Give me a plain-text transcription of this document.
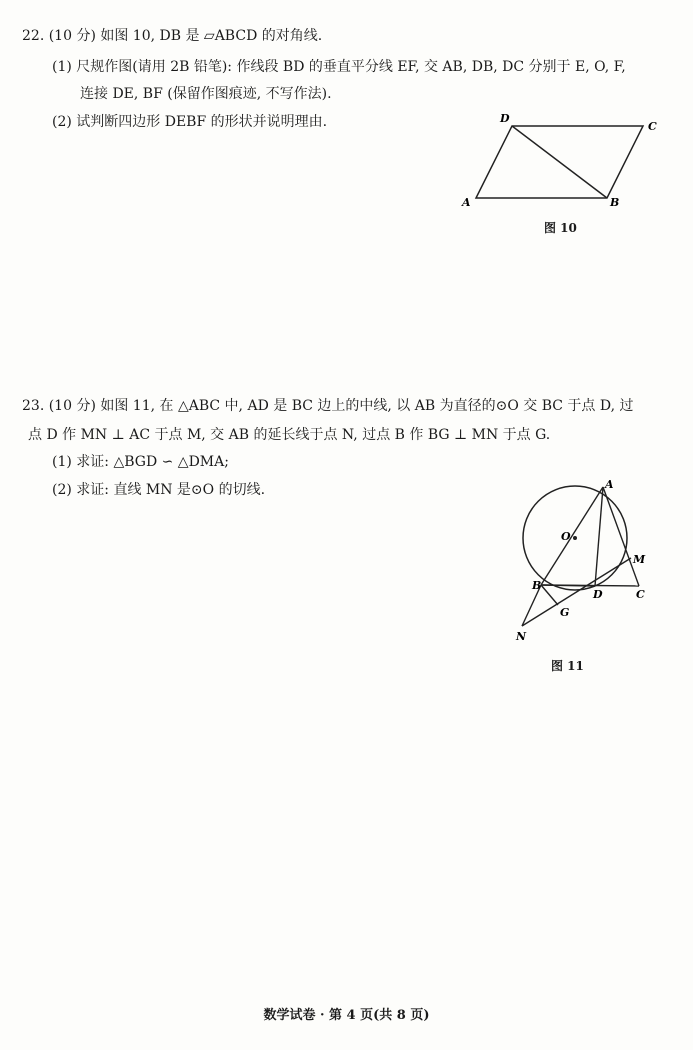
22. (10 分) 如图 10, DB 是 ▱ABCD 的对角线.
(1) 尺规作图(请用 2B 铅笔): 作线段 BD 的垂直平分线 EF, 交 AB, DB, DC 分别于 E, O, F,
连接 DE, BF (保留作图痕迹, 不写作法).
(2) 试判断四边形 DEBF 的形状并说明理由.	D
C
A	B
图 10
23. (10 分) 如图 11, 在 △ABC 中, AD 是 BC 边上的中线, 以 AB 为直径的⊙O 交 BC 于点 D, 过
点 D 作 MN ⊥ AC 于点 M, 交 AB 的延长线于点 N, 过点 B 作 BG ⊥ MN 于点 G.
(1) 求证: △BGD ∽ △DMA;
(2) 求证: 直线 MN 是⊙O 的切线.	A
O
M
B
D	C
G
N
图 11
数学试卷 · 第 4 页(共 8 页)
